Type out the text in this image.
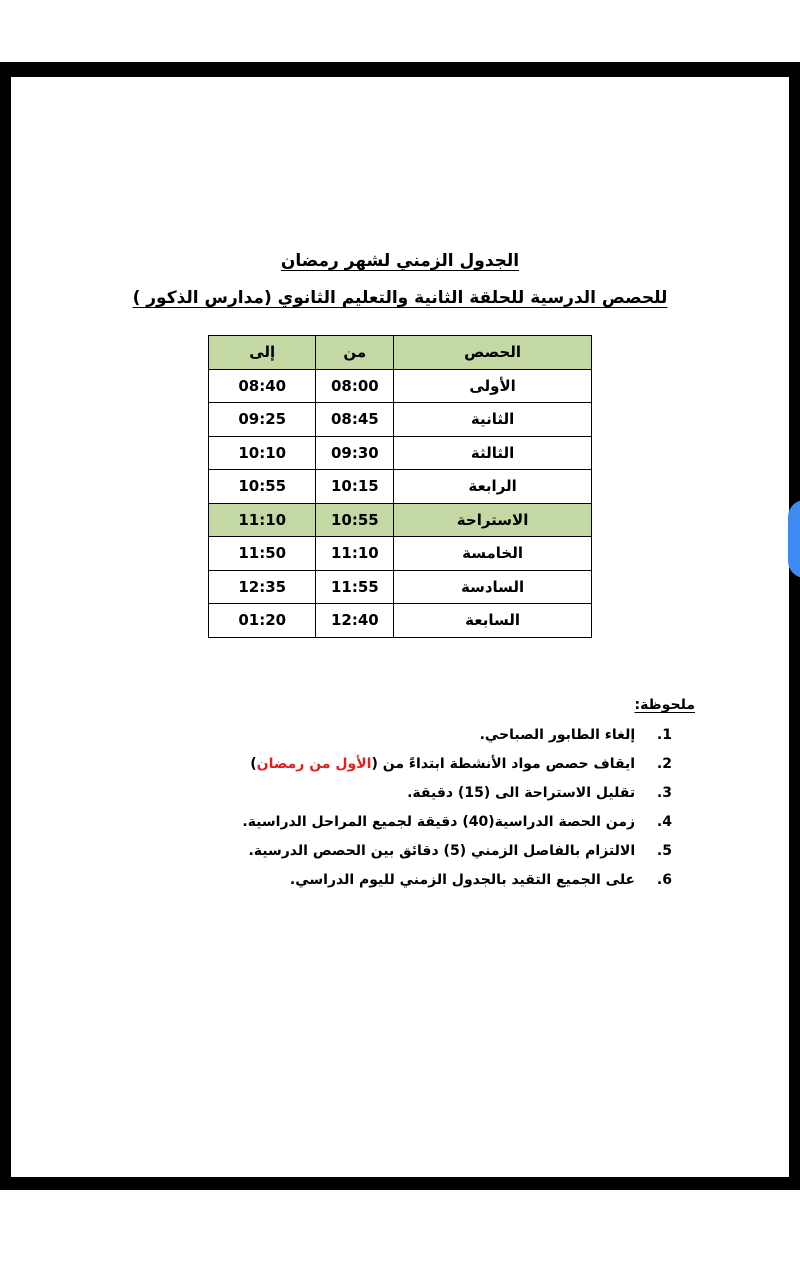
الجدول الزمني لشهر رمضان
للحصص الدرسية للحلقة الثانية والتعليم الثانوي (مدارس الذكور )
الحصص	من	إلى
الأولى	08:00	08:40
الثانية	08:45	09:25
الثالثة	09:30	10:10
الرابعة	10:15	10:55
الاستراحة	10:55	11:10
الخامسة	11:10	11:50
السادسة	11:55	12:35
السابعة	12:40	01:20
ملحوظة:
1. إلغاء الطابور الصباحي.
2. ايقاف حصص مواد الأنشطة ابتداءً من (الأول من رمضان)
3. تقليل الاستراحة الى (15) دقيقة.
4. زمن الحصة الدراسية(40) دقيقة لجميع المراحل الدراسية.
5. الالتزام بالفاصل الزمني (5) دقائق بين الحصص الدرسية.
6. على الجميع التقيد بالجدول الزمني لليوم الدراسي.
